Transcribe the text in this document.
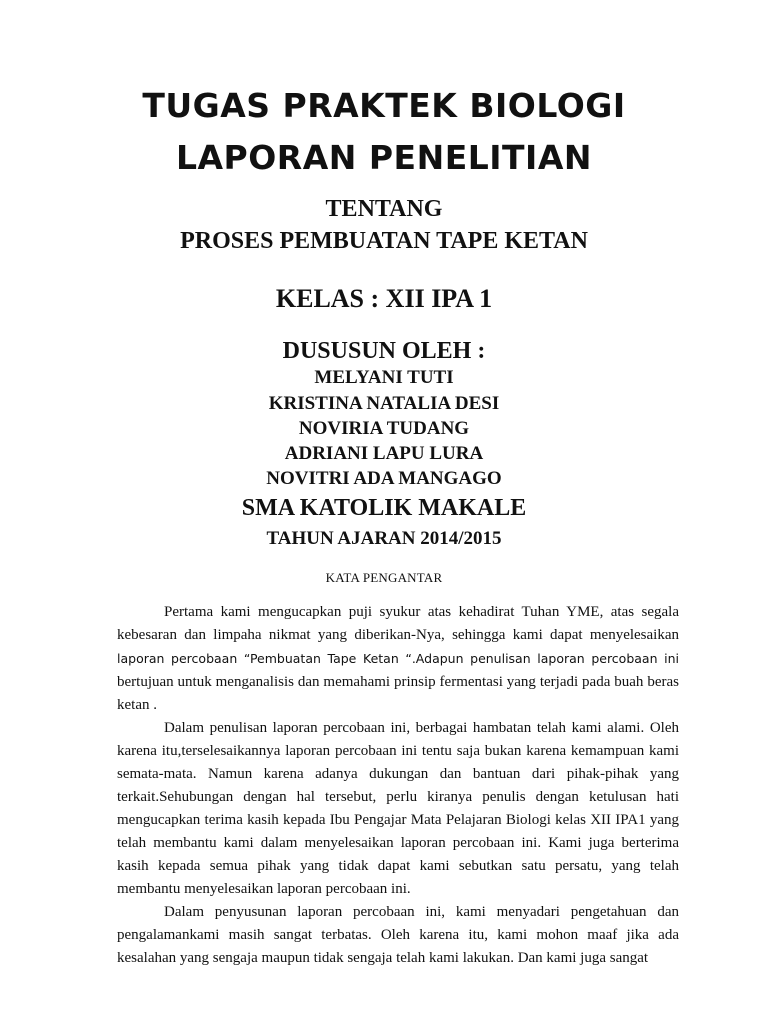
TUGAS PRAKTEK BIOLOGI
LAPORAN PENELITIAN
TENTANG
PROSES PEMBUATAN TAPE KETAN
KELAS : XII IPA 1
DUSUSUN OLEH :
MELYANI TUTI
KRISTINA NATALIA DESI
NOVIRIA TUDANG
ADRIANI LAPU LURA
NOVITRI ADA MANGAGO
SMA KATOLIK MAKALE
TAHUN AJARAN 2014/2015
KATA PENGANTAR

Pertama kami mengucapkan puji syukur atas kehadirat Tuhan YME, atas segala kebesaran dan limpaha nikmat yang diberikan-Nya, sehingga kami dapat menyelesaikan laporan percobaan “Pembuatan Tape Ketan “.Adapun penulisan laporan percobaan ini bertujuan untuk menganalisis dan memahami prinsip fermentasi yang terjadi pada buah beras ketan .

Dalam penulisan laporan percobaan ini, berbagai hambatan telah kami alami. Oleh karena itu,terselesaikannya laporan percobaan ini tentu saja bukan karena kemampuan kami semata-mata. Namun karena adanya dukungan dan bantuan dari pihak-pihak yang terkait.Sehubungan dengan hal tersebut, perlu kiranya penulis dengan ketulusan hati mengucapkan terima kasih kepada Ibu Pengajar Mata Pelajaran Biologi kelas XII IPA1 yang telah membantu kami dalam menyelesaikan laporan percobaan ini. Kami juga berterima kasih kepada semua pihak yang tidak dapat kami sebutkan satu persatu, yang telah membantu menyelesaikan laporan percobaan ini.

Dalam penyusunan laporan percobaan ini, kami menyadari pengetahuan dan pengalamankami masih sangat terbatas. Oleh karena itu, kami mohon maaf jika ada kesalahan yang sengaja maupun tidak sengaja telah kami lakukan. Dan kami juga sangat
